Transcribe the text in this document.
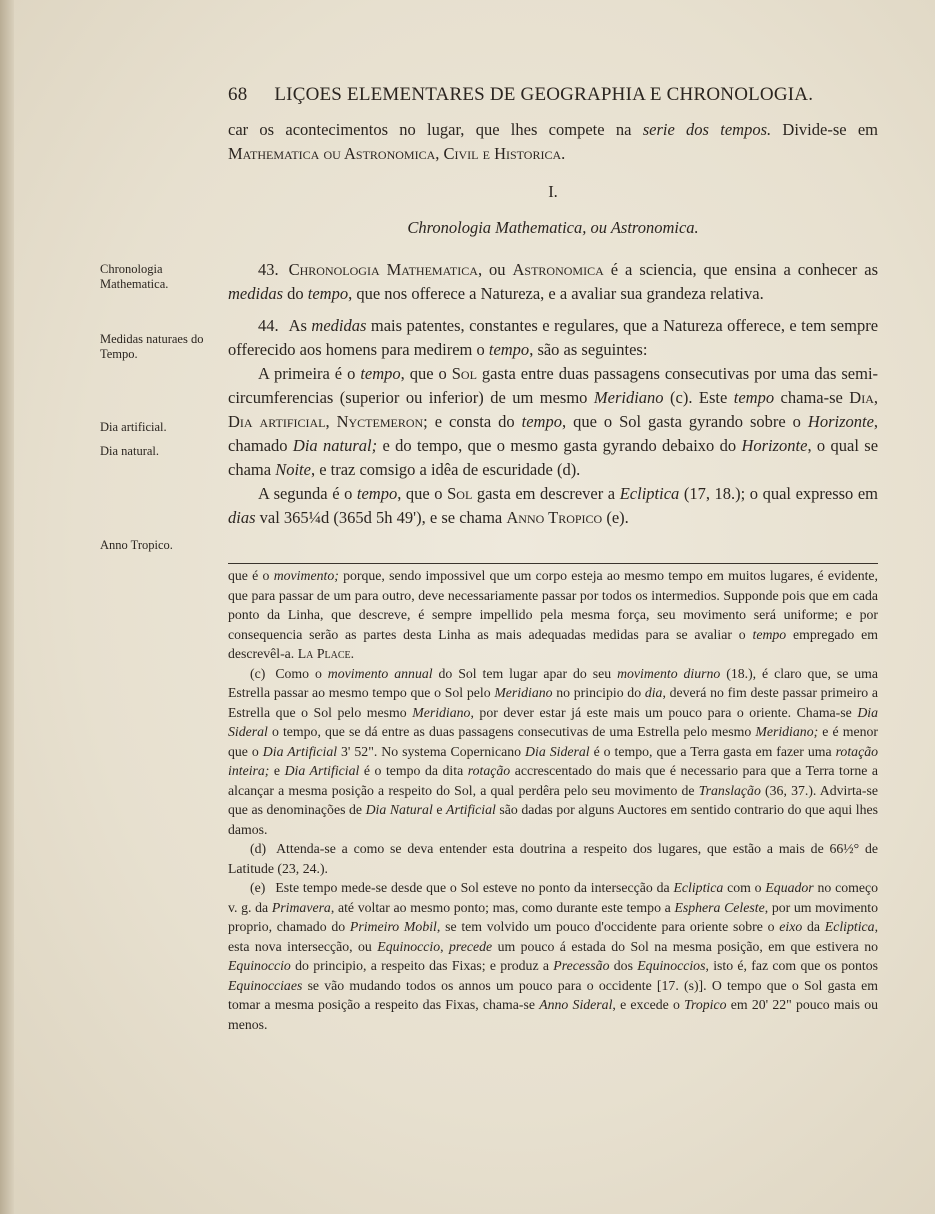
68 LIÇOES ELEMENTARES DE GEOGRAPHIA E CHRONOLOGIA.

car os acontecimentos no lugar, que lhes compete na serie dos tempos. Divide-se em Mathematica ou Astronomica, Civil e Historica.

I.
Chronologia Mathematica, ou Astronomica.
Chronologia Mathematica.
Medidas naturaes do Tempo.
Dia artificial.
Dia natural.
Anno Tropico.

43. Chronologia Mathematica, ou Astronomica é a sciencia, que ensina a conhecer as medidas do tempo, que nos offerece a Natureza, e a avaliar sua grandeza relativa.

44. As medidas mais patentes, constantes e regulares, que a Natureza offerece, e tem sempre offerecido aos homens para medirem o tempo, são as seguintes:

A primeira é o tempo, que o Sol gasta entre duas passagens consecutivas por uma das semi-circumferencias (superior ou inferior) de um mesmo Meridiano (c). Este tempo chama-se Dia, Dia artificial, Nyctemeron; e consta do tempo, que o Sol gasta gyrando sobre o Horizonte, chamado Dia natural; e do tempo, que o mesmo gasta gyrando debaixo do Horizonte, o qual se chama Noite, e traz comsigo a idêa de escuridade (d).

A segunda é o tempo, que o Sol gasta em descrever a Ecliptica (17, 18.); o qual expresso em dias val 365¼d (365d 5h 49'), e se chama Anno Tropico (e).

que é o movimento; porque, sendo impossivel que um corpo esteja ao mesmo tempo em muitos lugares, é evidente, que para passar de um para outro, deve necessariamente passar por todos os intermedios. Supponde pois que em cada ponto da Linha, que descreve, é sempre impellido pela mesma força, seu movimento será uniforme; e por consequencia serão as partes desta Linha as mais adequadas medidas para se avaliar o tempo empregado em descrevêl-a. La Place.

(c) Como o movimento annual do Sol tem lugar apar do seu movimento diurno (18.), é claro que, se uma Estrella passar ao mesmo tempo que o Sol pelo Meridiano no principio do dia, deverá no fim deste passar primeiro a Estrella que o Sol pelo mesmo Meridiano, por dever estar já este mais um pouco para o oriente. Chama-se Dia Sideral o tempo, que se dá entre as duas passagens consecutivas de uma Estrella pelo mesmo Meridiano; e é menor que o Dia Artificial 3' 52". No systema Copernicano Dia Sideral é o tempo, que a Terra gasta em fazer uma rotação inteira; e Dia Artificial é o tempo da dita rotação accrescentado do mais que é necessario para que a Terra torne a alcançar a mesma posição a respeito do Sol, a qual perdêra pelo seu movimento de Translação (36, 37.). Advirta-se que as denominações de Dia Natural e Artificial são dadas por alguns Auctores em sentido contrario do que aqui lhes damos.

(d) Attenda-se a como se deva entender esta doutrina a respeito dos lugares, que estão a mais de 66½° de Latitude (23, 24.).

(e) Este tempo mede-se desde que o Sol esteve no ponto da intersecção da Ecliptica com o Equador no começo v. g. da Primavera, até voltar ao mesmo ponto; mas, como durante este tempo a Esphera Celeste, por um movimento proprio, chamado do Primeiro Mobil, se tem volvido um pouco d'occidente para oriente sobre o eixo da Ecliptica, esta nova intersecção, ou Equinoccio, precede um pouco á estada do Sol na mesma posição, em que estivera no Equinoccio do principio, a respeito das Fixas; e produz a Precessão dos Equinoccios, isto é, faz com que os pontos Equinocciaes se vão mudando todos os annos um pouco para o occidente [17. (s)]. O tempo que o Sol gasta em tomar a mesma posição a respeito das Fixas, chama-se Anno Sideral, e excede o Tropico em 20' 22" pouco mais ou menos.
